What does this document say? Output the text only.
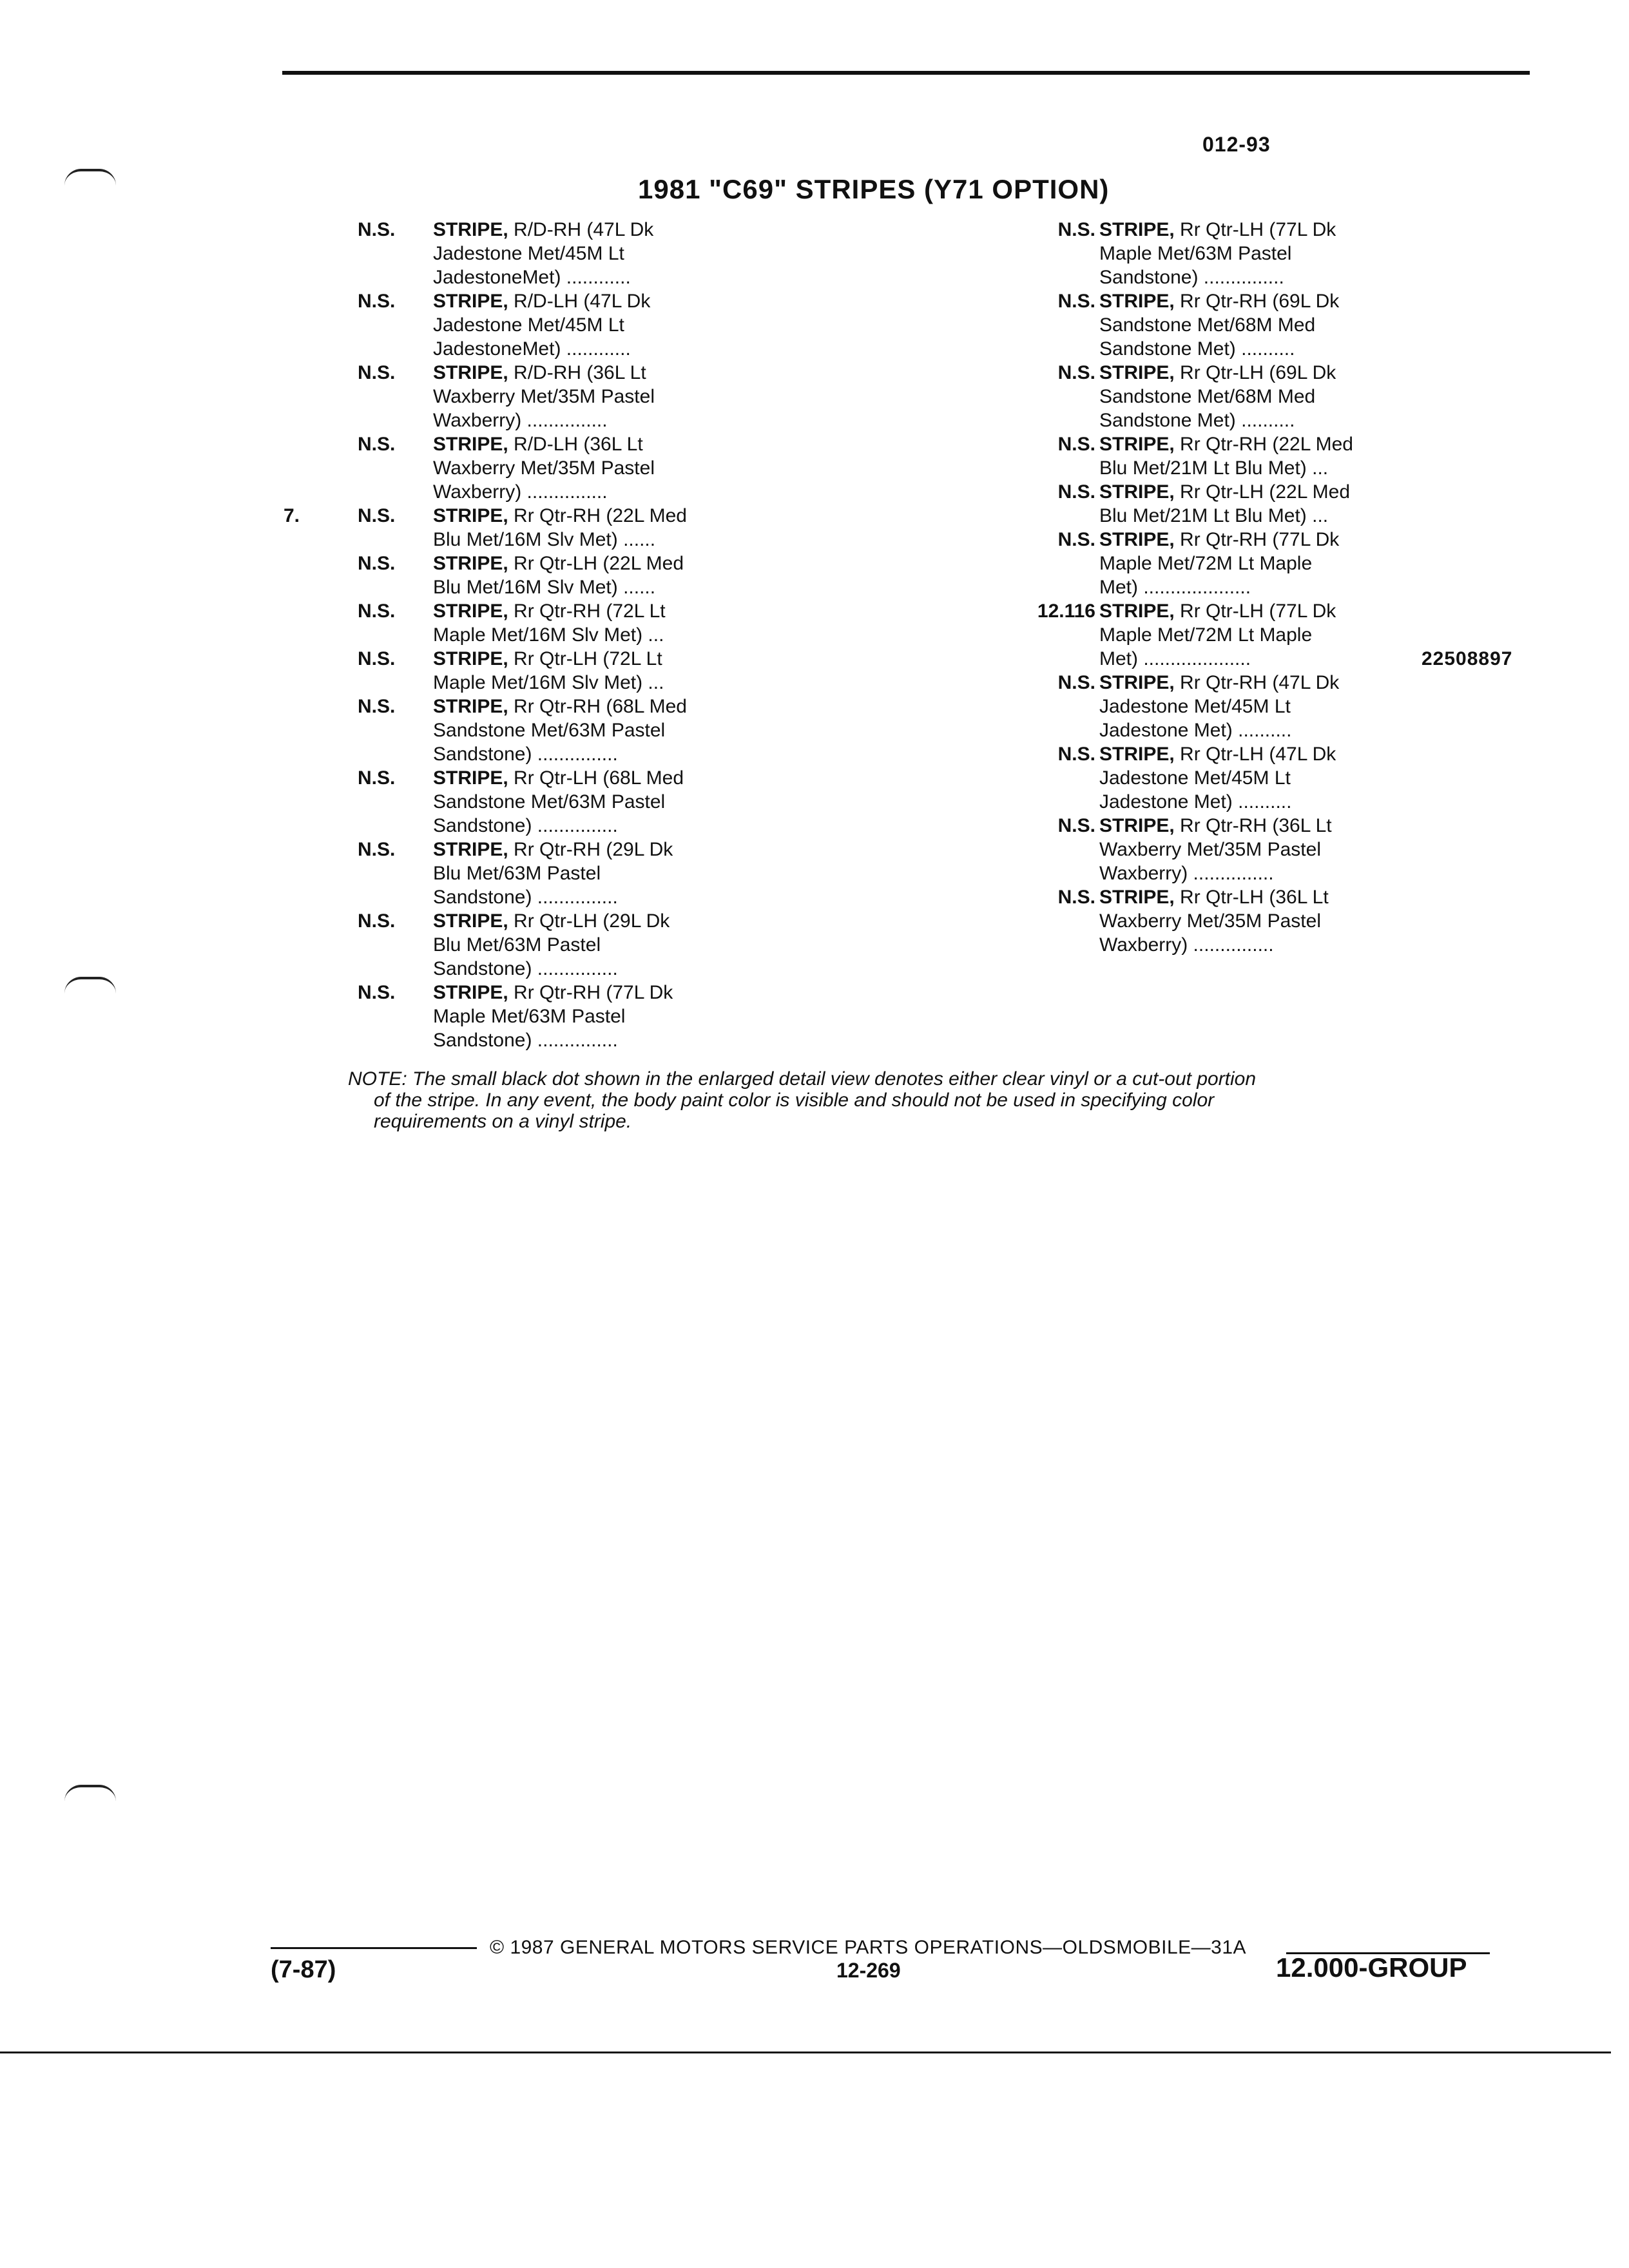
012-93
1981 "C69" STRIPES (Y71 OPTION)
N.S. STRIPE, R/D-RH (47L Dk
Jadestone Met/45M Lt
JadestoneMet) ............
N.S. STRIPE, R/D-LH (47L Dk
Jadestone Met/45M Lt
JadestoneMet) ............
N.S. STRIPE, R/D-RH (36L Lt
Waxberry Met/35M Pastel
Waxberry) ...............
N.S. STRIPE, R/D-LH (36L Lt
Waxberry Met/35M Pastel
Waxberry) ...............
7.	N.S. STRIPE, Rr Qtr-RH (22L Med
Blu Met/16M Slv Met) ......
N.S. STRIPE, Rr Qtr-LH (22L Med
Blu Met/16M Slv Met) ......
N.S. STRIPE, Rr Qtr-RH (72L Lt
Maple Met/16M Slv Met) ...
N.S. STRIPE, Rr Qtr-LH (72L Lt
Maple Met/16M Slv Met) ...
N.S. STRIPE, Rr Qtr-RH (68L Med
Sandstone Met/63M Pastel
Sandstone) ...............
N.S. STRIPE, Rr Qtr-LH (68L Med
Sandstone Met/63M Pastel
Sandstone) ...............
N.S. STRIPE, Rr Qtr-RH (29L Dk
Blu Met/63M Pastel
Sandstone) ...............
N.S. STRIPE, Rr Qtr-LH (29L Dk
Blu Met/63M Pastel
Sandstone) ...............
N.S. STRIPE, Rr Qtr-RH (77L Dk
Maple Met/63M Pastel
Sandstone) ...............
N.S. STRIPE, Rr Qtr-LH (77L Dk
Maple Met/63M Pastel
Sandstone) ...............
N.S. STRIPE, Rr Qtr-RH (69L Dk
Sandstone Met/68M Med
Sandstone Met) ..........
N.S. STRIPE, Rr Qtr-LH (69L Dk
Sandstone Met/68M Med
Sandstone Met) ..........
N.S. STRIPE, Rr Qtr-RH (22L Med
Blu Met/21M Lt Blu Met) ...
N.S. STRIPE, Rr Qtr-LH (22L Med
Blu Met/21M Lt Blu Met) ...
N.S. STRIPE, Rr Qtr-RH (77L Dk
Maple Met/72M Lt Maple
Met) ....................
12.116 STRIPE, Rr Qtr-LH (77L Dk
Maple Met/72M Lt Maple
Met) ....................	22508897
N.S. STRIPE, Rr Qtr-RH (47L Dk
Jadestone Met/45M Lt
Jadestone Met) ..........
N.S. STRIPE, Rr Qtr-LH (47L Dk
Jadestone Met/45M Lt
Jadestone Met) ..........
N.S. STRIPE, Rr Qtr-RH (36L Lt
Waxberry Met/35M Pastel
Waxberry) ...............
N.S. STRIPE, Rr Qtr-LH (36L Lt
Waxberry Met/35M Pastel
Waxberry) ...............
NOTE: The small black dot shown in the enlarged detail view denotes either clear vinyl or a cut-out portion
of the stripe. In any event, the body paint color is visible and should not be used in specifying color
requirements on a vinyl stripe.
© 1987 GENERAL MOTORS SERVICE PARTS OPERATIONS—OLDSMOBILE—31A
(7-87)	12-269	12.000-GROUP
